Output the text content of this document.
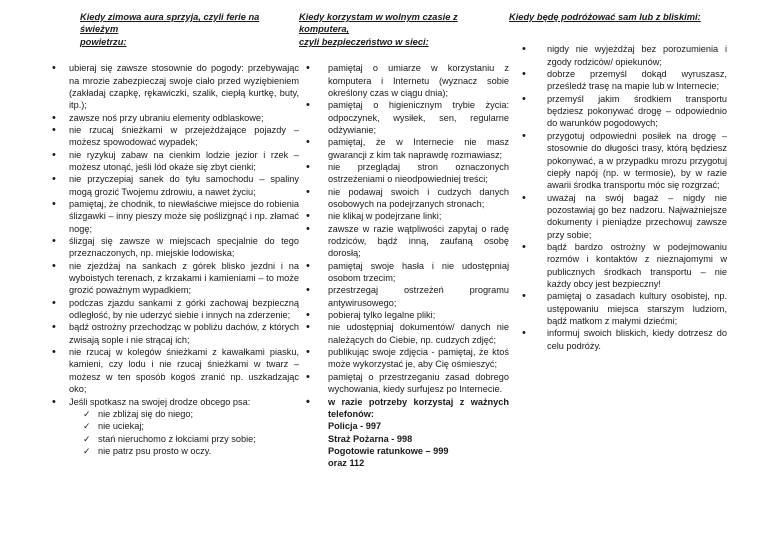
Kiedy zimowa aura sprzyja, czyli ferie na świeżym
powietrzu:
• ubieraj się zawsze stosownie do pogody: przebywając na mrozie zabezpieczaj swoje ciało przed wyziębieniem (zakładaj czapkę, rękawiczki, szalik, ciepłą kurtkę, buty, itp.);
• zawsze noś przy ubraniu elementy odblaskowe;
• nie rzucaj śnieżkami w przejeżdżające pojazdy – możesz spowodować wypadek;
• nie ryzykuj zabaw na cienkim lodzie jezior i rzek – możesz utonąć, jeśli lód okaże się zbyt cienki;
• nie przyczepiaj sanek do tyłu samochodu – spaliny mogą grozić Twojemu zdrowiu, a nawet życiu;
• pamiętaj, że chodnik, to niewłaściwe miejsce do robienia ślizgawki – inny pieszy może się poślizgnąć i np. złamać nogę;
• ślizgaj się zawsze w miejscach specjalnie do tego przeznaczonych, np. miejskie lodowiska;
• nie zjeżdżaj na sankach z górek blisko jezdni i na wyboistych terenach, z krzakami i kamieniami – to może grozić poważnym wypadkiem;
• podczas zjazdu sankami z górki zachowaj bezpieczną odległość, by nie uderzyć siebie i innych na zderzenie;
• bądź ostrożny przechodząc w pobliżu dachów, z których zwisają sople i nie strącaj ich;
• nie rzucaj w kolegów śnieżkami z kawałkami piasku, kamieni, czy lodu i nie rzucaj śnieżkami w twarz – możesz w ten sposób kogoś zranić np. uszkadzając oko;
• Jeśli spotkasz na swojej drodze obcego psa:
✓ nie zbliżaj się do niego;
✓ nie uciekaj;
✓ stań nieruchomo z łokciami przy sobie;
✓ nie patrz psu prosto w oczy.
Kiedy korzystam w wolnym czasie z komputera,
czyli bezpieczeństwo w sieci:
• pamiętaj o umiarze w korzystaniu z komputera i Internetu (wyznacz sobie określony czas w ciągu dnia);
• pamiętaj o higienicznym trybie życia: odpoczynek, wysiłek, sen, regularne odżywianie;
• pamiętaj, że w Internecie nie masz gwarancji z kim tak naprawdę rozmawiasz;
• nie przeglądaj stron oznaczonych ostrzeżeniami o nieodpowiedniej treści;
• nie podawaj swoich i cudzych danych osobowych na podejrzanych stronach;
• nie klikaj w podejrzane linki;
• zawsze w razie wątpliwości zapytaj o radę rodziców, bądź inną, zaufaną osobę dorosłą;
• pamiętaj swoje hasła i nie udostępniaj osobom trzecim;
• przestrzegaj ostrzeżeń programu antywirusowego;
• pobieraj tylko legalne pliki;
• nie udostępniaj dokumentów/ danych nie należących do Ciebie, np. cudzych zdjęć;
• publikując swoje zdjęcia - pamiętaj, że ktoś może wykorzystać je, aby Cię ośmieszyć;
• pamiętaj o przestrzeganiu zasad dobrego wychowania, kiedy surfujesz po Internecie.
• w razie potrzeby korzystaj z ważnych telefonów:
Policja - 997
Straż Pożarna - 998
Pogotowie ratunkowe – 999
oraz 112
Kiedy będę podróżować sam lub z bliskimi:
• nigdy nie wyjeżdżaj bez porozumienia i zgody rodziców/ opiekunów;
• dobrze przemyśl dokąd wyruszasz, prześledź trasę na mapie lub w Internecie;
• przemyśl jakim środkiem transportu będziesz pokonywać drogę – odpowiednio do warunków pogodowych;
• przygotuj odpowiedni posiłek na drogę – stosownie do długości trasy, którą będziesz pokonywać, a w przypadku mrozu przygotuj ciepły napój (np. w termosie), by w razie awarii środka transportu móc się rozgrzać;
• uważaj na swój bagaż – nigdy nie pozostawiaj go bez nadzoru. Najważniejsze dokumenty i pieniądze przechowuj zawsze przy sobie;
• bądź bardzo ostrożny w podejmowaniu rozmów i kontaktów z nieznajomymi w publicznych środkach transportu – nie każdy obcy jest bezpieczny!
• pamiętaj o zasadach kultury osobistej, np. ustępowaniu miejsca starszym ludziom, bądź matkom z małymi dziećmi;
• informuj swoich bliskich, kiedy dotrzesz do celu podróży.
